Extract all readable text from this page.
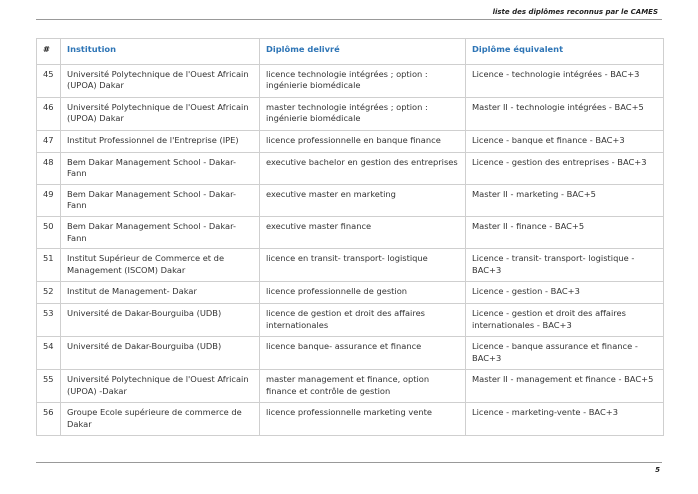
liste des diplômes reconnus par le CAMES
#	Institution	Diplôme delivré	Diplôme équivalent
45	Université Polytechnique de l'Ouest Africain (UPOA) Dakar	licence technologie intégrées ; option : ingénierie biomédicale	Licence - technologie intégrées - BAC+3
46	Université Polytechnique de l'Ouest Africain (UPOA) Dakar	master technologie intégrées ; option : ingénierie biomédicale	Master II - technologie intégrées - BAC+5
47	Institut Professionnel de l'Entreprise (IPE)	licence professionnelle en banque finance	Licence - banque et finance - BAC+3
48	Bem Dakar Management School - Dakar-Fann	executive bachelor en gestion des entreprises	Licence - gestion des entreprises - BAC+3
49	Bem Dakar Management School - Dakar-Fann	executive master en marketing	Master II - marketing - BAC+5
50	Bem Dakar Management School - Dakar-Fann	executive master finance	Master II - finance - BAC+5
51	Institut Supérieur de Commerce et de Management (ISCOM) Dakar	licence en transit- transport- logistique	Licence - transit- transport- logistique - BAC+3
52	Institut de Management- Dakar	licence professionnelle de gestion	Licence - gestion - BAC+3
53	Université de Dakar-Bourguiba (UDB)	licence de gestion et droit des affaires internationales	Licence - gestion et droit des affaires internationales - BAC+3
54	Université de Dakar-Bourguiba (UDB)	licence banque- assurance et finance	Licence - banque assurance et finance - BAC+3
55	Université Polytechnique de l'Ouest Africain (UPOA) -Dakar	master management et finance, option finance et contrôle de gestion	Master II - management et finance - BAC+5
56	Groupe Ecole supérieure de commerce de Dakar	licence professionnelle marketing vente	Licence - marketing-vente - BAC+3
5
